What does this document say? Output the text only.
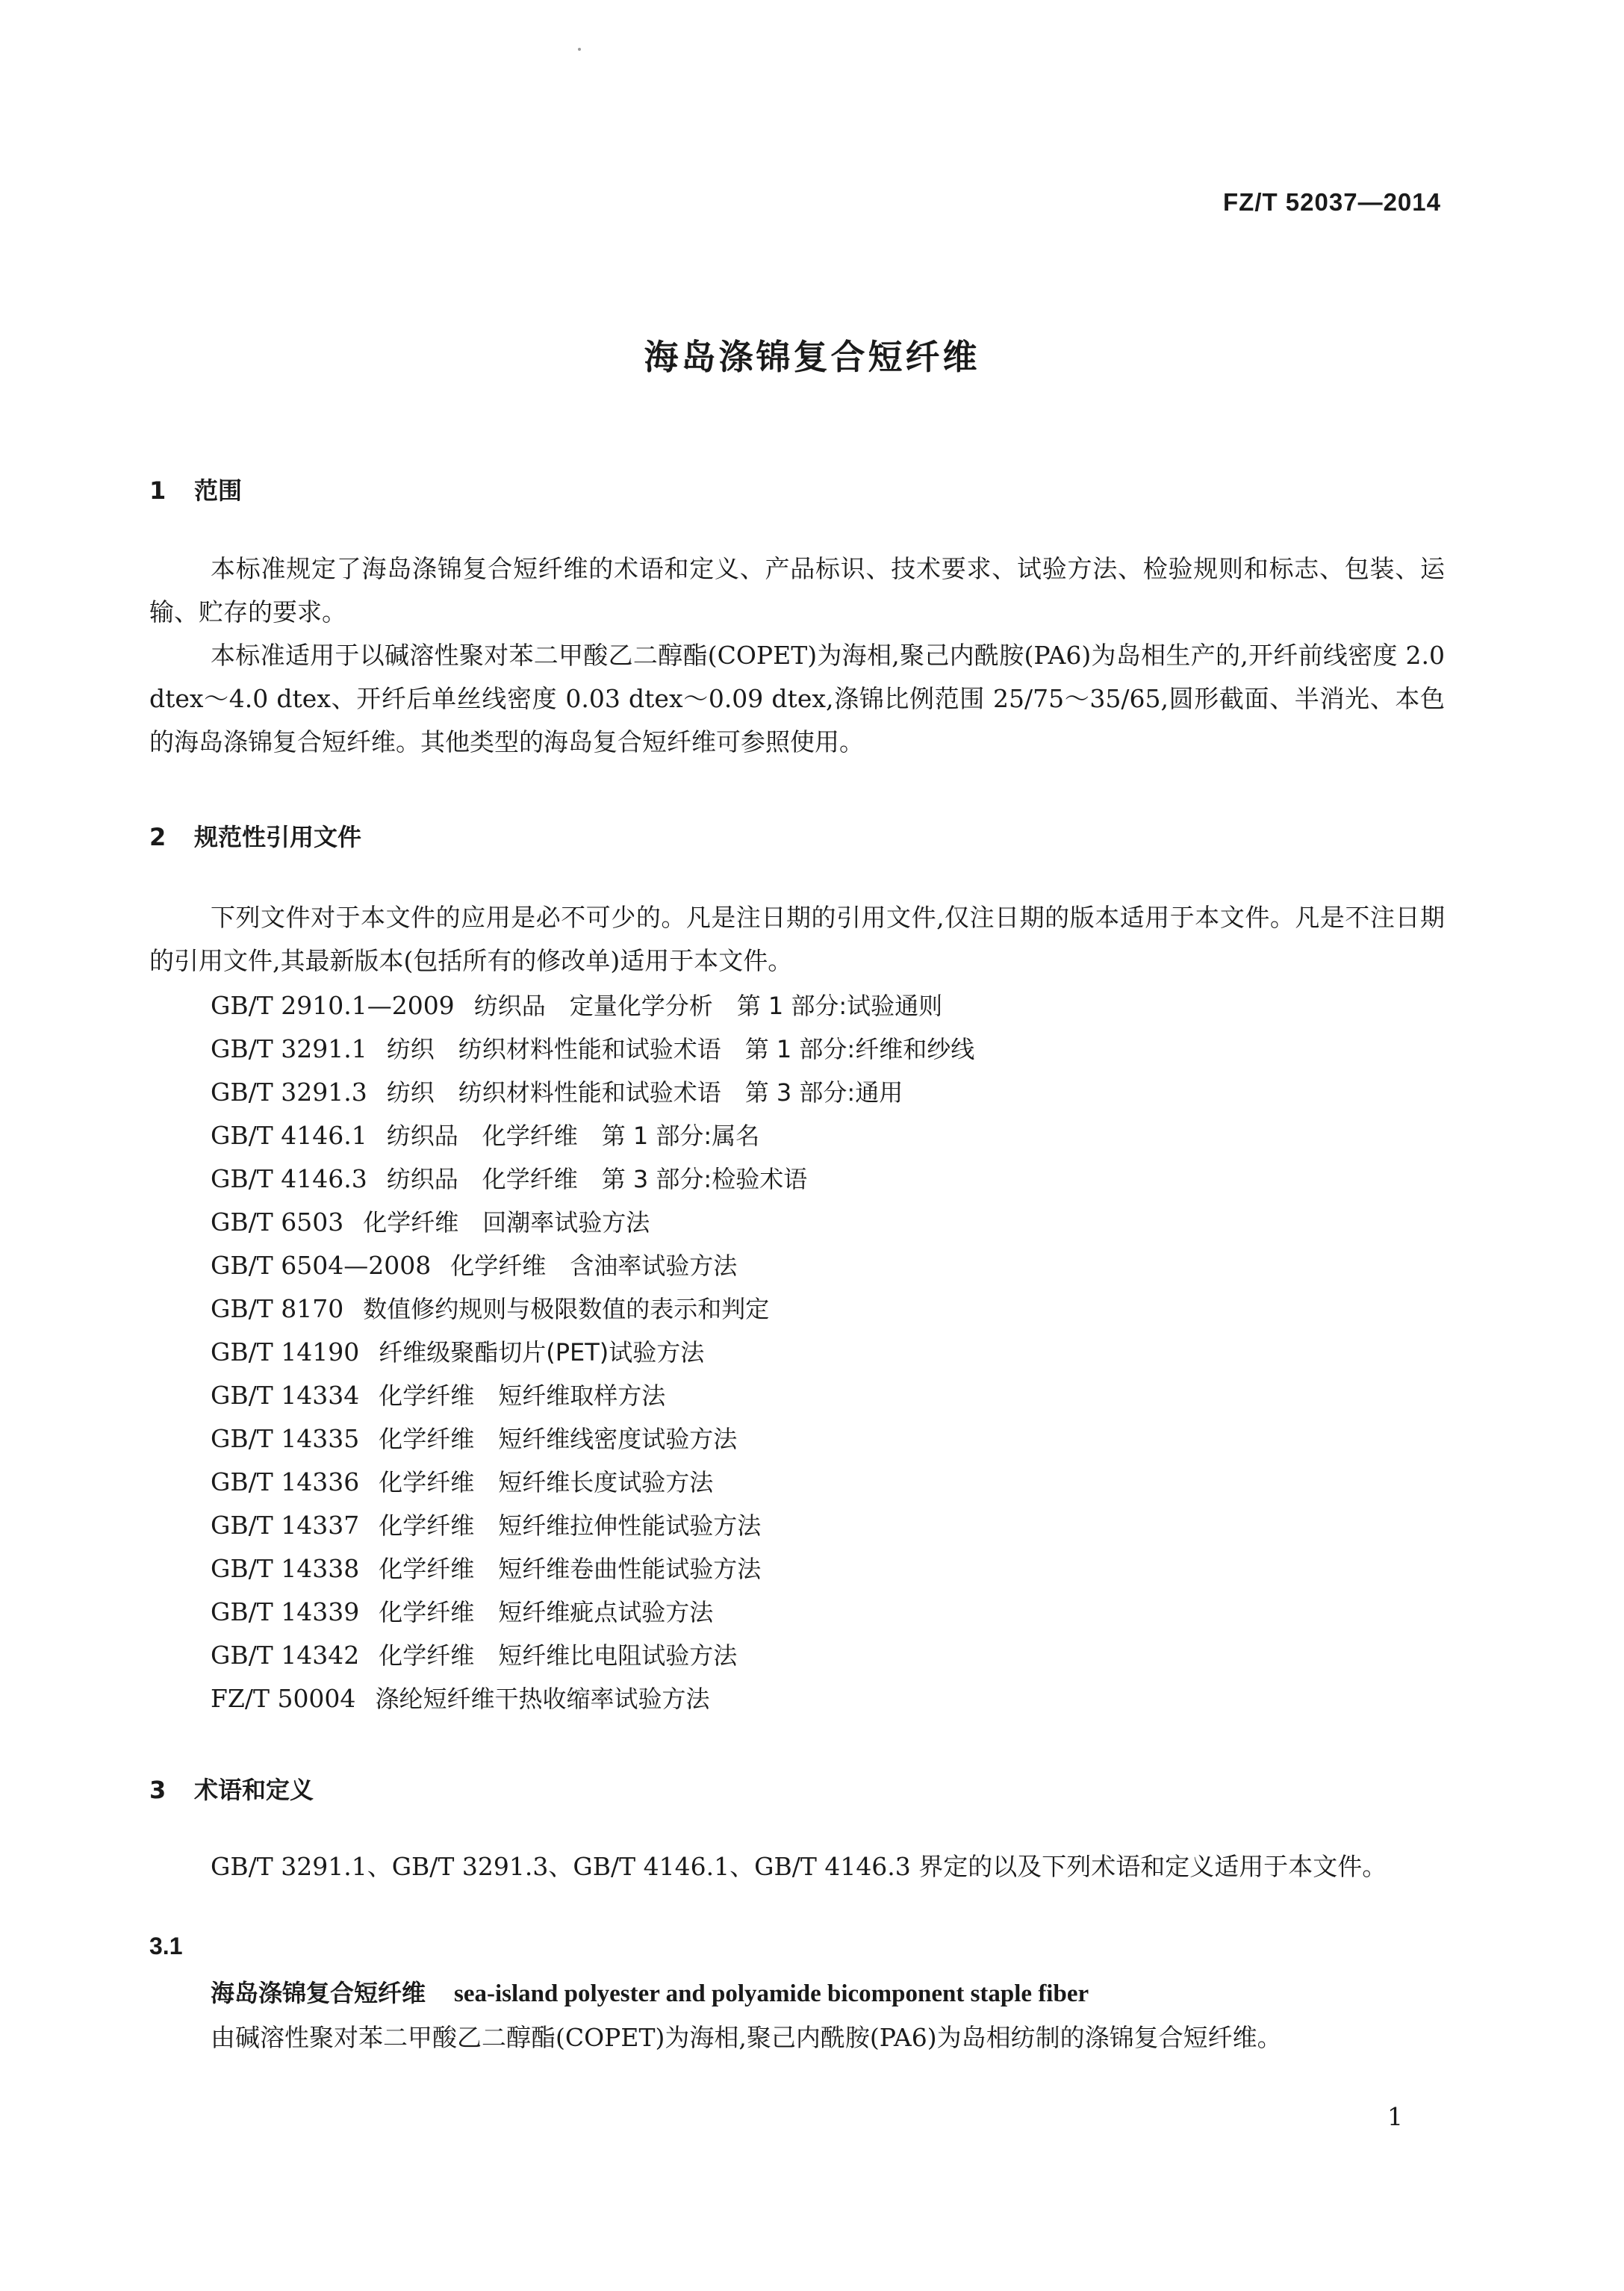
FZ/T 52037—2014
海岛涤锦复合短纤维
1 范围
本标准规定了海岛涤锦复合短纤维的术语和定义、产品标识、技术要求、试验方法、检验规则和标志、包装、运输、贮存的要求。
本标准适用于以碱溶性聚对苯二甲酸乙二醇酯(COPET)为海相,聚己内酰胺(PA6)为岛相生产的,开纤前线密度 2.0 dtex～4.0 dtex、开纤后单丝线密度 0.03 dtex～0.09 dtex,涤锦比例范围 25/75～35/65,圆形截面、半消光、本色的海岛涤锦复合短纤维。其他类型的海岛复合短纤维可参照使用。
2 规范性引用文件
下列文件对于本文件的应用是必不可少的。凡是注日期的引用文件,仅注日期的版本适用于本文件。凡是不注日期的引用文件,其最新版本(包括所有的修改单)适用于本文件。
GB/T 2910.1—2009 纺织品　定量化学分析　第 1 部分:试验通则
GB/T 3291.1 纺织　纺织材料性能和试验术语　第 1 部分:纤维和纱线
GB/T 3291.3 纺织　纺织材料性能和试验术语　第 3 部分:通用
GB/T 4146.1 纺织品　化学纤维　第 1 部分:属名
GB/T 4146.3 纺织品　化学纤维　第 3 部分:检验术语
GB/T 6503 化学纤维　回潮率试验方法
GB/T 6504—2008 化学纤维　含油率试验方法
GB/T 8170 数值修约规则与极限数值的表示和判定
GB/T 14190 纤维级聚酯切片(PET)试验方法
GB/T 14334 化学纤维　短纤维取样方法
GB/T 14335 化学纤维　短纤维线密度试验方法
GB/T 14336 化学纤维　短纤维长度试验方法
GB/T 14337 化学纤维　短纤维拉伸性能试验方法
GB/T 14338 化学纤维　短纤维卷曲性能试验方法
GB/T 14339 化学纤维　短纤维疵点试验方法
GB/T 14342 化学纤维　短纤维比电阻试验方法
FZ/T 50004 涤纶短纤维干热收缩率试验方法
3 术语和定义
GB/T 3291.1、GB/T 3291.3、GB/T 4146.1、GB/T 4146.3 界定的以及下列术语和定义适用于本文件。
3.1
海岛涤锦复合短纤维 sea-island polyester and polyamide bicomponent staple fiber
由碱溶性聚对苯二甲酸乙二醇酯(COPET)为海相,聚己内酰胺(PA6)为岛相纺制的涤锦复合短纤维。
1
